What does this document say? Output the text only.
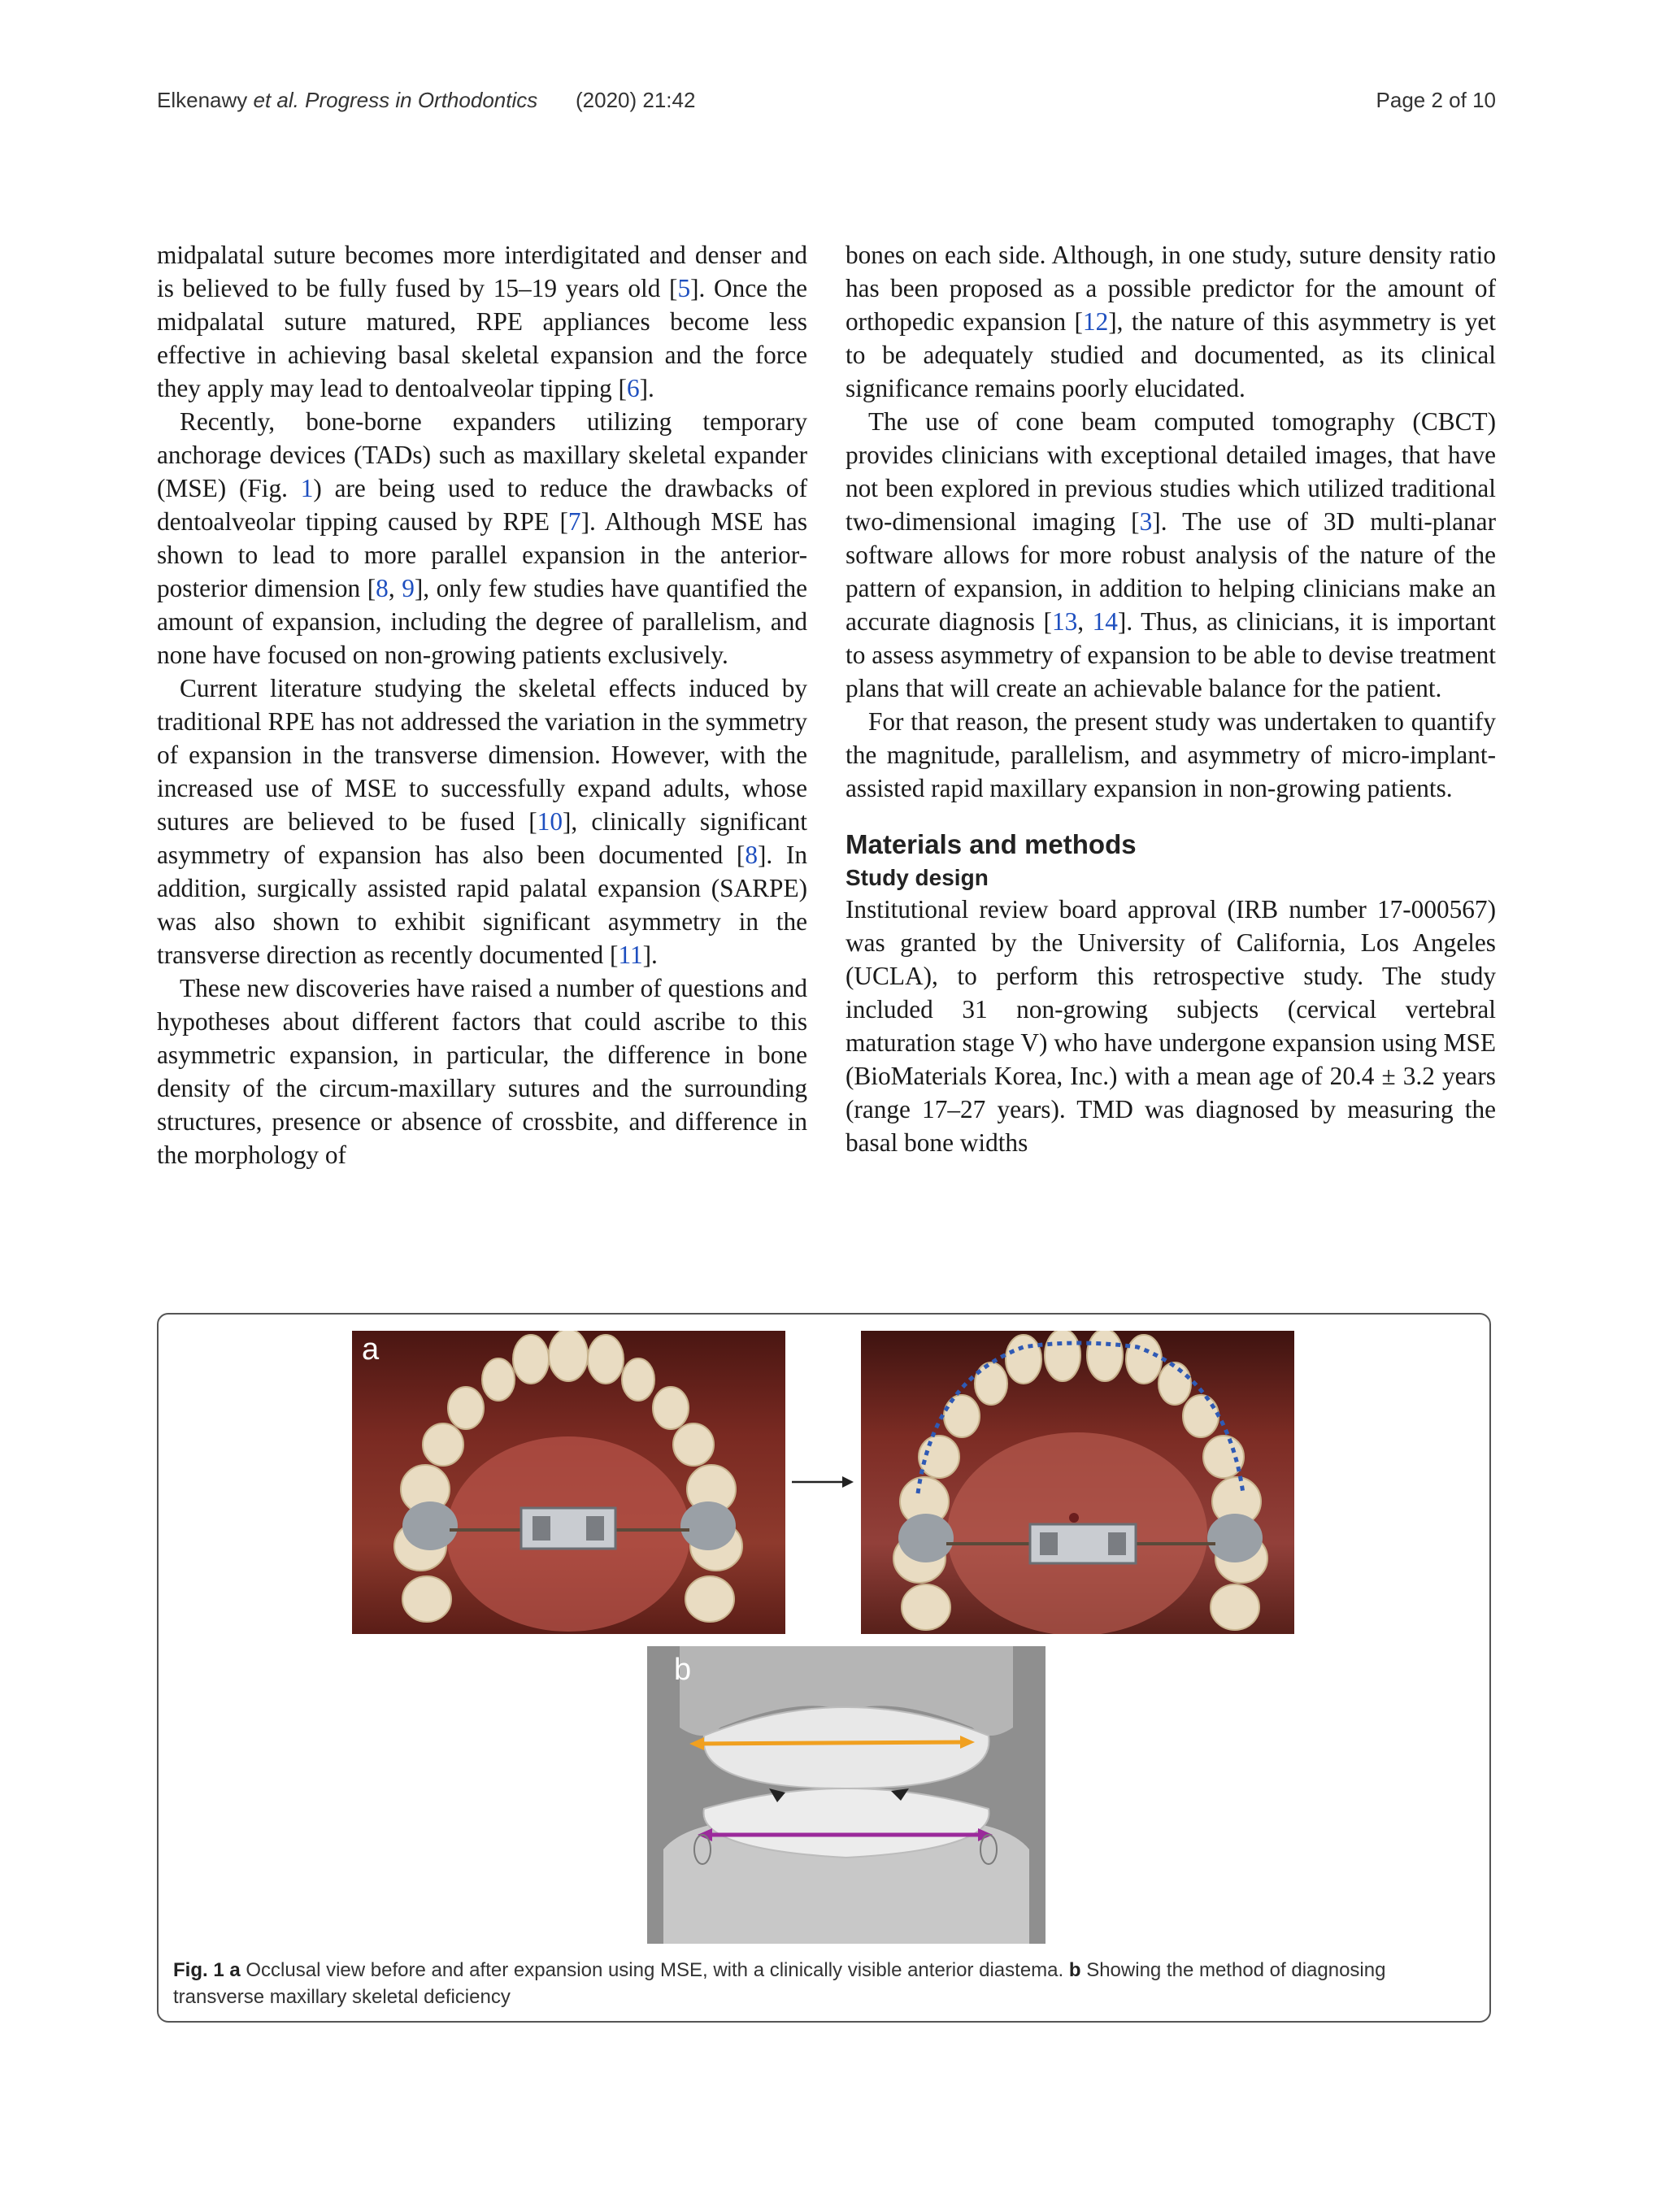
Elkenawy et al. Progress in Orthodontics (2020) 21:42	Page 2 of 10

midpalatal suture becomes more interdigitated and denser and is believed to be fully fused by 15–19 years old [5]. Once the midpalatal suture matured, RPE appliances become less effective in achieving basal skeletal expansion and the force they apply may lead to dentoalveolar tipping [6].

Recently, bone-borne expanders utilizing temporary anchorage devices (TADs) such as maxillary skeletal expander (MSE) (Fig. 1) are being used to reduce the drawbacks of dentoalveolar tipping caused by RPE [7]. Although MSE has shown to lead to more parallel expansion in the anterior-posterior dimension [8, 9], only few studies have quantified the amount of expansion, including the degree of parallelism, and none have focused on non-growing patients exclusively.

Current literature studying the skeletal effects induced by traditional RPE has not addressed the variation in the symmetry of expansion in the transverse dimension. However, with the increased use of MSE to successfully expand adults, whose sutures are believed to be fused [10], clinically significant asymmetry of expansion has also been documented [8]. In addition, surgically assisted rapid palatal expansion (SARPE) was also shown to exhibit significant asymmetry in the transverse direction as recently documented [11].

These new discoveries have raised a number of questions and hypotheses about different factors that could ascribe to this asymmetric expansion, in particular, the difference in bone density of the circum-maxillary sutures and the surrounding structures, presence or absence of crossbite, and difference in the morphology of

bones on each side. Although, in one study, suture density ratio has been proposed as a possible predictor for the amount of orthopedic expansion [12], the nature of this asymmetry is yet to be adequately studied and documented, as its clinical significance remains poorly elucidated.

The use of cone beam computed tomography (CBCT) provides clinicians with exceptional detailed images, that have not been explored in previous studies which utilized traditional two-dimensional imaging [3]. The use of 3D multi-planar software allows for more robust analysis of the nature of the pattern of expansion, in addition to helping clinicians make an accurate diagnosis [13, 14]. Thus, as clinicians, it is important to assess asymmetry of expansion to be able to devise treatment plans that will create an achievable balance for the patient.

For that reason, the present study was undertaken to quantify the magnitude, parallelism, and asymmetry of micro-implant-assisted rapid maxillary expansion in non-growing patients.

Materials and methods
Study design

Institutional review board approval (IRB number 17-000567) was granted by the University of California, Los Angeles (UCLA), to perform this retrospective study. The study included 31 non-growing subjects (cervical vertebral maturation stage V) who have undergone expansion using MSE (BioMaterials Korea, Inc.) with a mean age of 20.4 ± 3.2 years (range 17–27 years). TMD was diagnosed by measuring the basal bone widths

a
b
Fig. 1 a Occlusal view before and after expansion using MSE, with a clinically visible anterior diastema. b Showing the method of diagnosing transverse maxillary skeletal deficiency
